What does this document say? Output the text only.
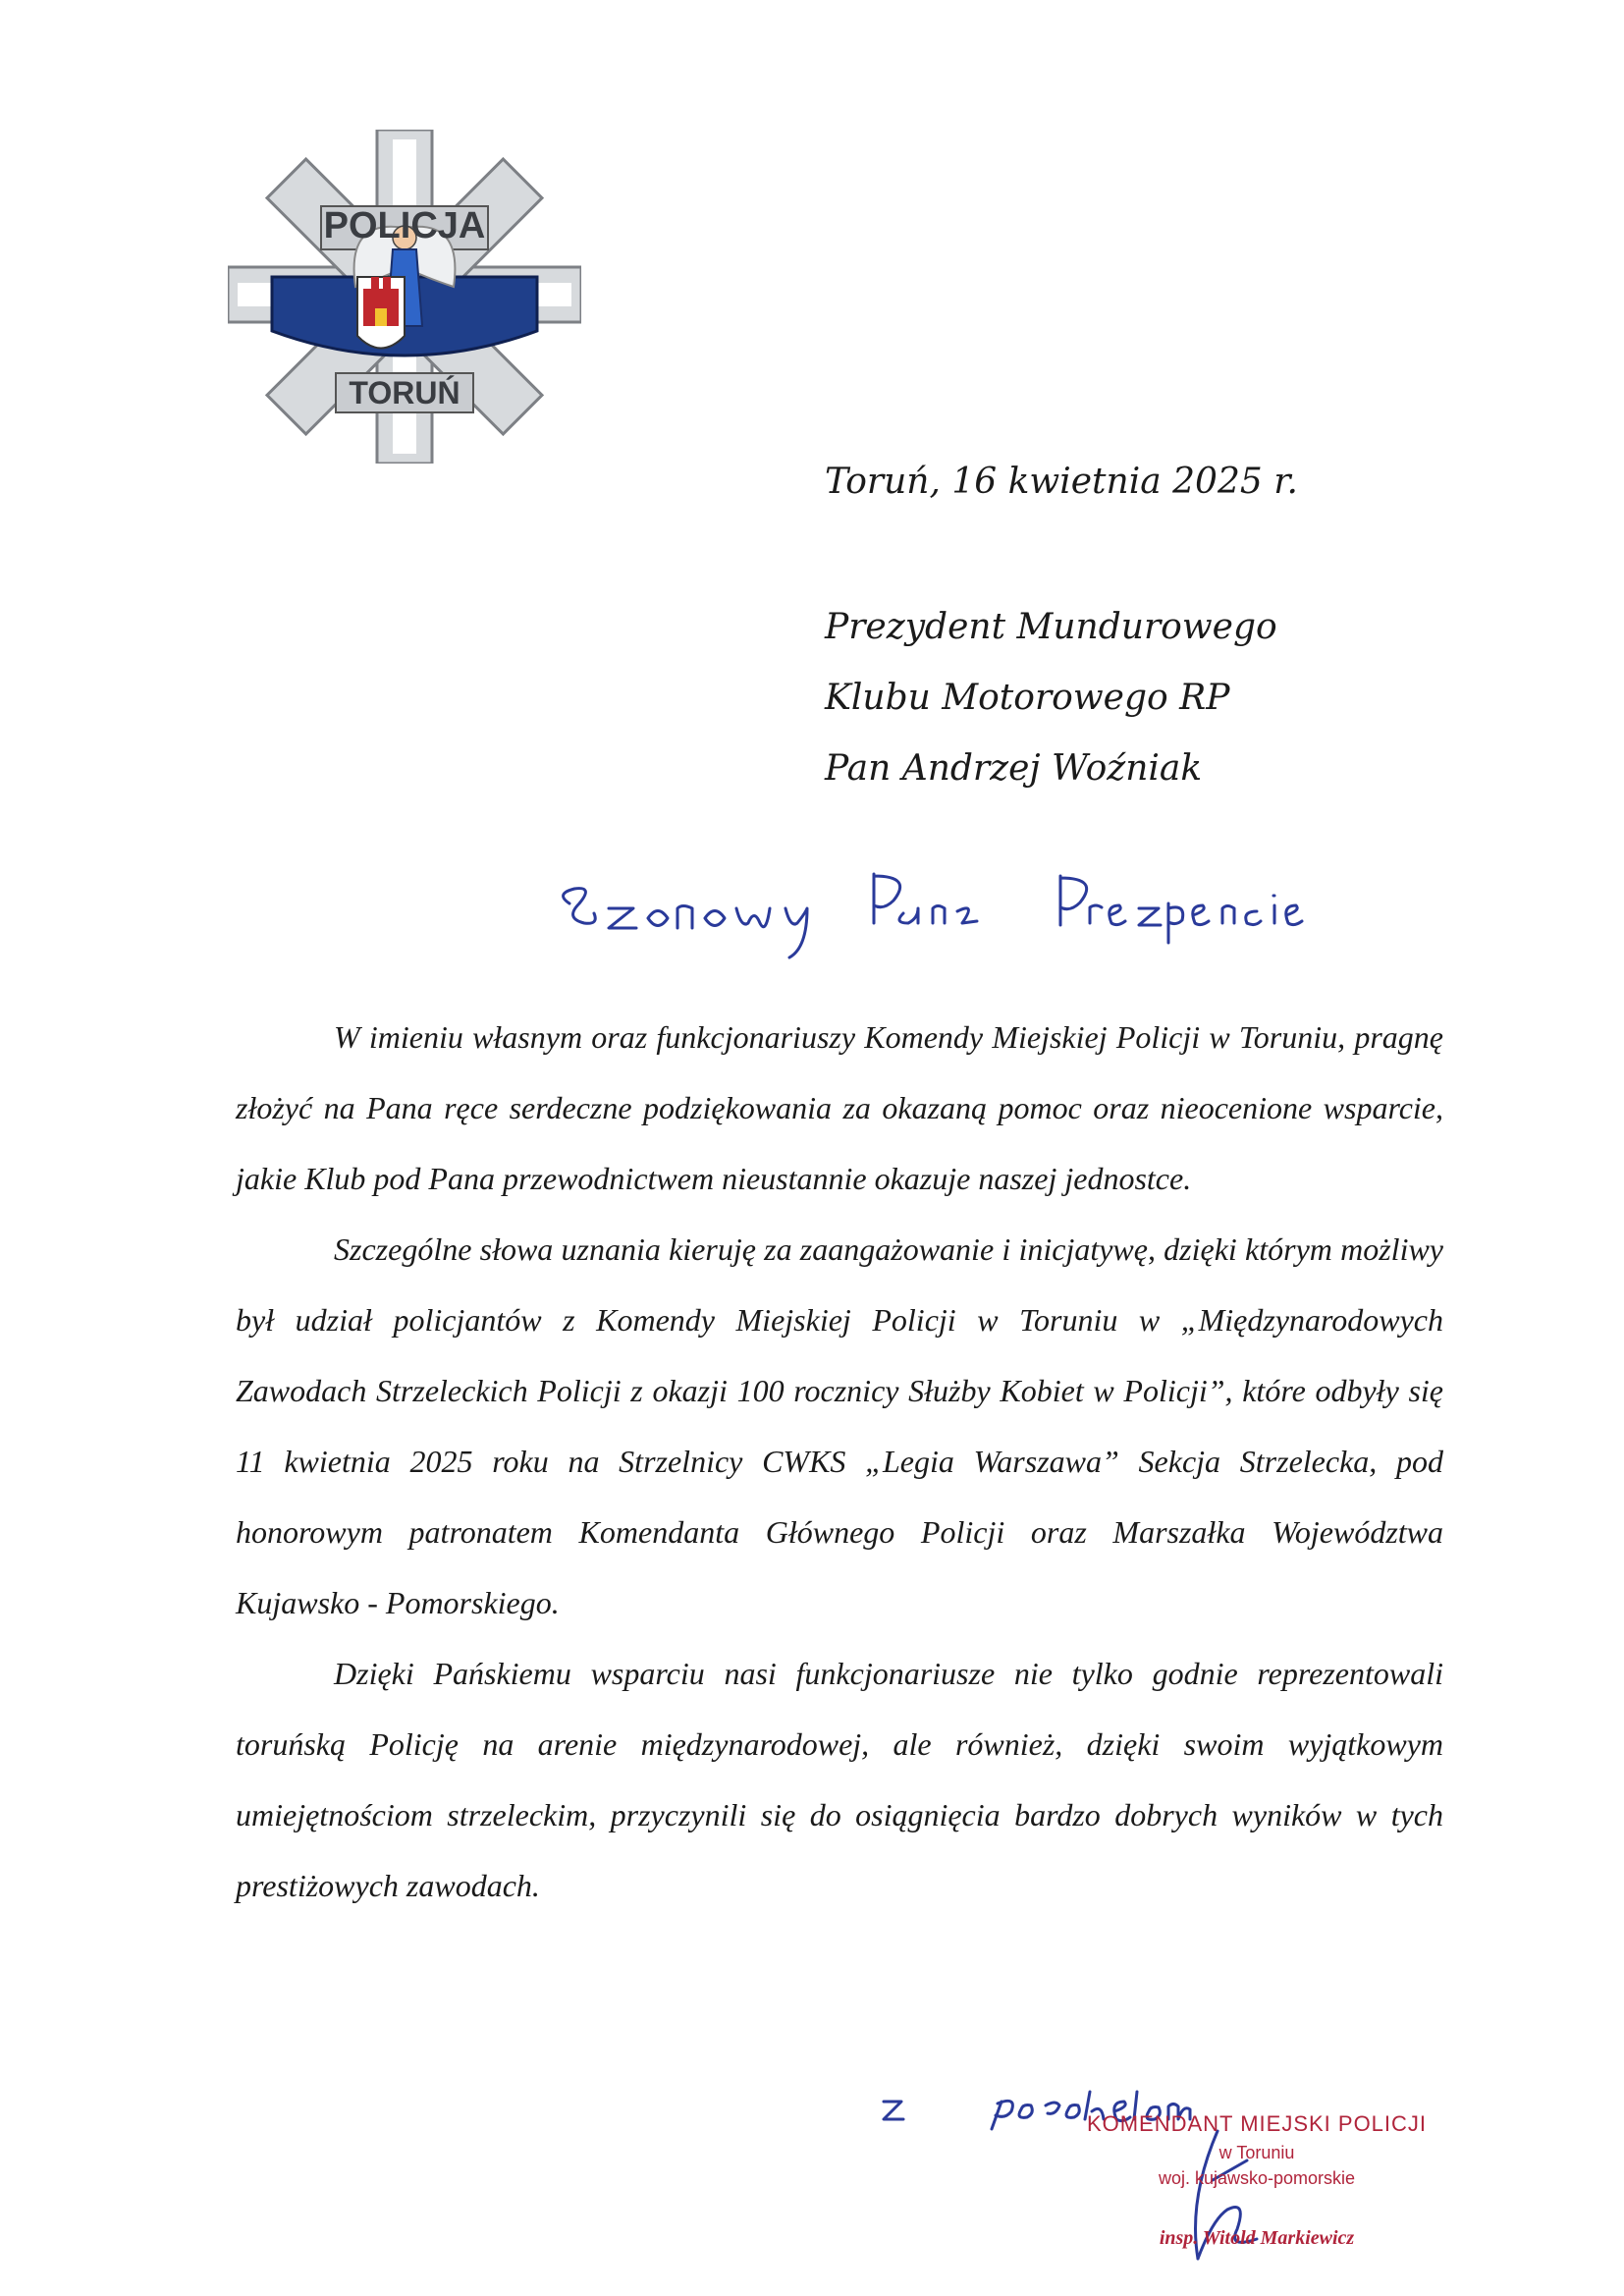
POLICJA
TORUŃ
Toruń, 16 kwietnia 2025 r.
Prezydent Mundurowego
Klubu Motorowego RP
Pan Andrzej Woźniak

W imieniu własnym oraz funkcjonariuszy Komendy Miejskiej Policji w Toruniu, pragnę złożyć na Pana ręce serdeczne podziękowania za okazaną pomoc oraz nieocenione wsparcie, jakie Klub pod Pana przewodnictwem nieustannie okazuje naszej jednostce.

Szczególne słowa uznania kieruję za zaangażowanie i inicjatywę, dzięki którym możliwy był udział policjantów z Komendy Miejskiej Policji w Toruniu w „Międzynarodowych Zawodach Strzeleckich Policji z okazji 100 rocznicy Służby Kobiet w Policji”, które odbyły się 11 kwietnia 2025 roku na Strzelnicy CWKS „Legia Warszawa” Sekcja Strzelecka, pod honorowym patronatem Komendanta Głównego Policji oraz Marszałka Województwa Kujawsko - Pomorskiego.

Dzięki Pańskiemu wsparciu nasi funkcjonariusze nie tylko godnie reprezentowali toruńską Policję na arenie międzynarodowej, ale również, dzięki swoim wyjątkowym umiejętnościom strzeleckim, przyczynili się do osiągnięcia bardzo dobrych wyników w tych prestiżowych zawodach.

KOMENDANT MIEJSKI POLICJI
w Toruniu
woj. kujawsko-pomorskie
insp. Witold Markiewicz
